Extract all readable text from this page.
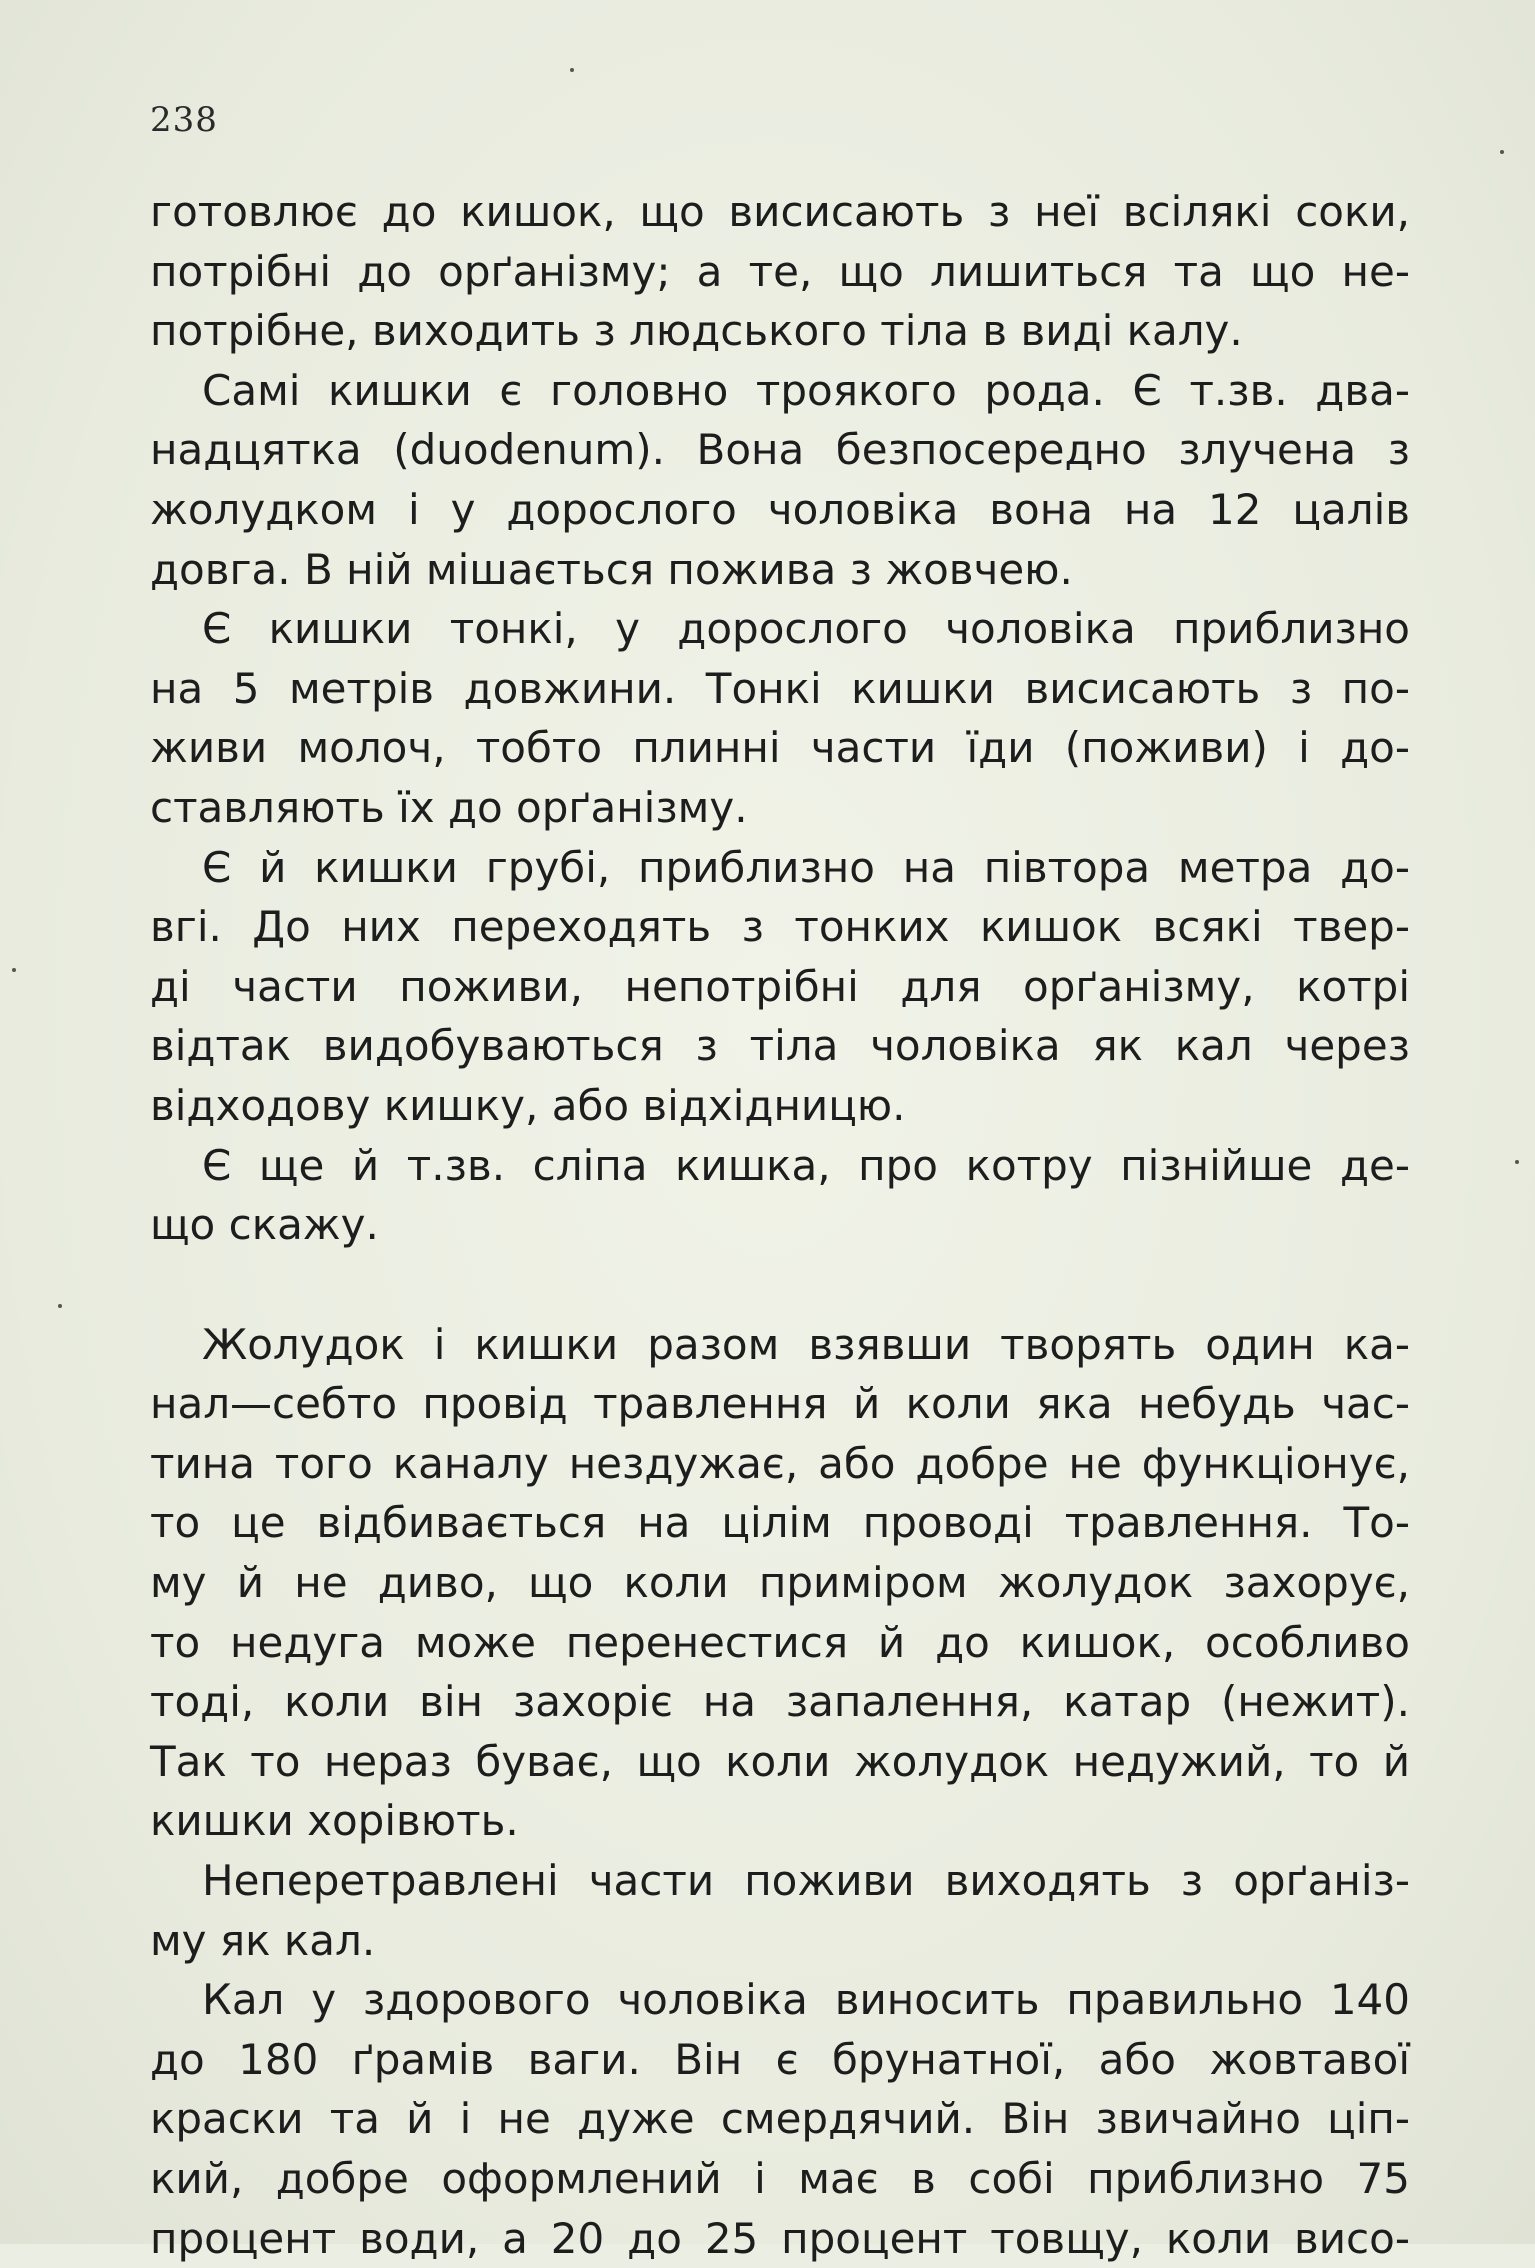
238
готовлює до кишок, що висисають з неї всілякі соки,
потрібні до орґанізму; а те, що лишиться та що не-
потрібне, виходить з людського тіла в виді калу.
Самі кишки є головно троякого рода. Є т.зв. два-
надцятка (duodenum). Вона безпосередно злучена з
жолудком і у дорослого чоловіка вона на 12 цалів
довга. В ній мішається пожива з жовчею.
Є кишки тонкі, у дорослого чоловіка приблизно
на 5 метрів довжини. Тонкі кишки висисають з по-
живи молоч, тобто плинні части їди (поживи) і до-
ставляють їх до орґанізму.
Є й кишки грубі, приблизно на півтора метра до-
вгі. До них переходять з тонких кишок всякі твер-
ді части поживи, непотрібні для орґанізму, котрі
відтак видобуваються з тіла чоловіка як кал через
відходову кишку, або відхідницю.
Є ще й т.зв. сліпа кишка, про котру пізнійше де-
що скажу.
Жолудок і кишки разом взявши творять один ка-
нал—себто провід травлення й коли яка небудь час-
тина того каналу нездужає, або добре не функціонує,
то це відбивається на цілім проводі травлення. То-
му й не диво, що коли приміром жолудок захорує,
то недуга може перенестися й до кишок, особливо
тоді, коли він захоріє на запалення, катар (нежит).
Так то нераз буває, що коли жолудок недужий, то й
кишки хорівють.
Неперетравлені части поживи виходять з орґаніз-
му як кал.
Кал у здорового чоловіка виносить правильно 140
до 180 ґрамів ваги. Він є брунатної, або жовтавої
краски та й і не дуже смердячий. Він звичайно ціп-
кий, добре оформлений і має в собі приблизно 75
процент води, а 20 до 25 процент товщу, коли висо-
